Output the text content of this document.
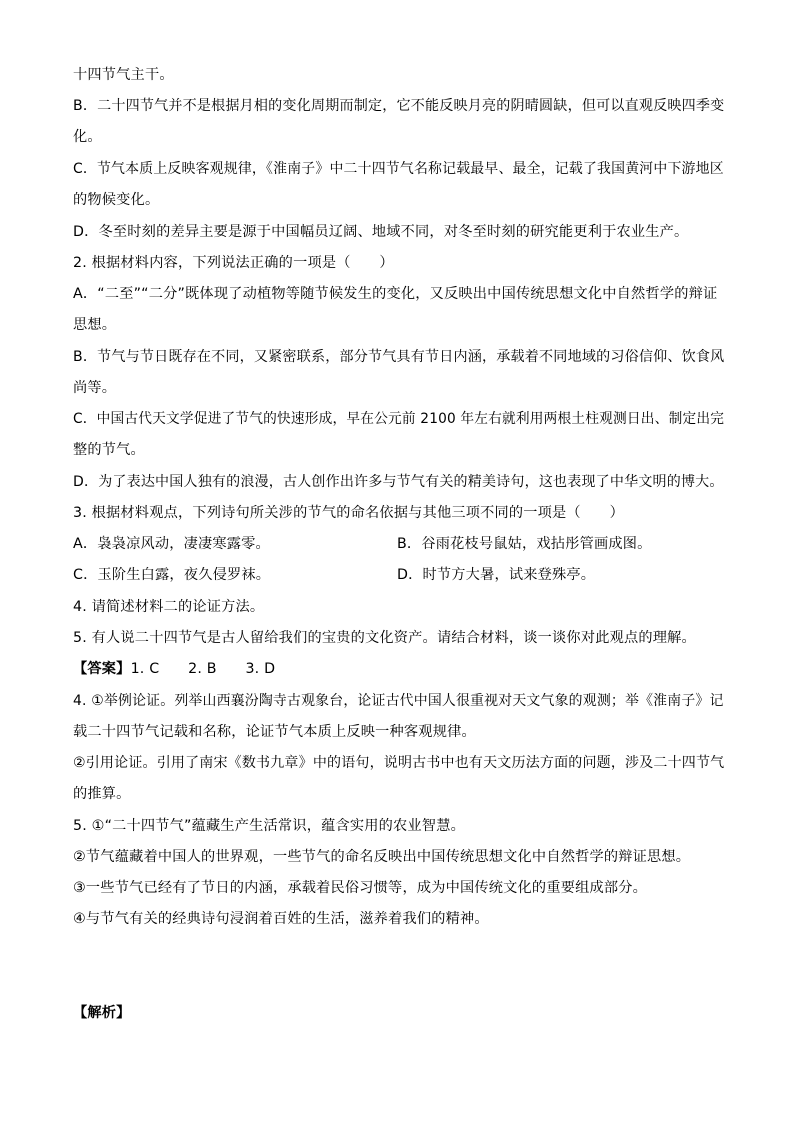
十四节气主干。
B．二十四节气并不是根据月相的变化周期而制定，它不能反映月亮的阴晴圆缺，但可以直观反映四季变
化。
C．节气本质上反映客观规律，《淮南子》中二十四节气名称记载最早、最全，记载了我国黄河中下游地区
的物候变化。
D．冬至时刻的差异主要是源于中国幅员辽阔、地域不同，对冬至时刻的研究能更利于农业生产。
2. 根据材料内容，下列说法正确的一项是（　　）
A．“二至”“二分”既体现了动植物等随节候发生的变化，又反映出中国传统思想文化中自然哲学的辩证
思想。
B．节气与节日既存在不同，又紧密联系，部分节气具有节日内涵，承载着不同地域的习俗信仰、饮食风
尚等。
C．中国古代天文学促进了节气的快速形成，早在公元前 2100 年左右就利用两根土柱观测日出、制定出完
整的节气。
D．为了表达中国人独有的浪漫，古人创作出许多与节气有关的精美诗句，这也表现了中华文明的博大。
3. 根据材料观点，下列诗句所关涉的节气的命名依据与其他三项不同的一项是（　　）
A．袅袅凉风动，凄凄寒露零。	B．谷雨花枝号鼠姑，戏拈彤管画成图。
C．玉阶生白露，夜久侵罗袜。	D．时节方大暑，试来登殊亭。
4. 请简述材料二的论证方法。
5. 有人说二十四节气是古人留给我们的宝贵的文化资产。请结合材料，谈一谈你对此观点的理解。
【答案】1. C　　2. B　　3. D
4. ①举例论证。列举山西襄汾陶寺古观象台，论证古代中国人很重视对天文气象的观测；举《淮南子》记
载二十四节气记载和名称，论证节气本质上反映一种客观规律。
②引用论证。引用了南宋《数书九章》中的语句，说明古书中也有天文历法方面的问题，涉及二十四节气
的推算。
5. ①“二十四节气”蕴藏生产生活常识，蕴含实用的农业智慧。
②节气蕴藏着中国人的世界观，一些节气的命名反映出中国传统思想文化中自然哲学的辩证思想。
③一些节气已经有了节日的内涵，承载着民俗习惯等，成为中国传统文化的重要组成部分。
④与节气有关的经典诗句浸润着百姓的生活，滋养着我们的精神。
【解析】
